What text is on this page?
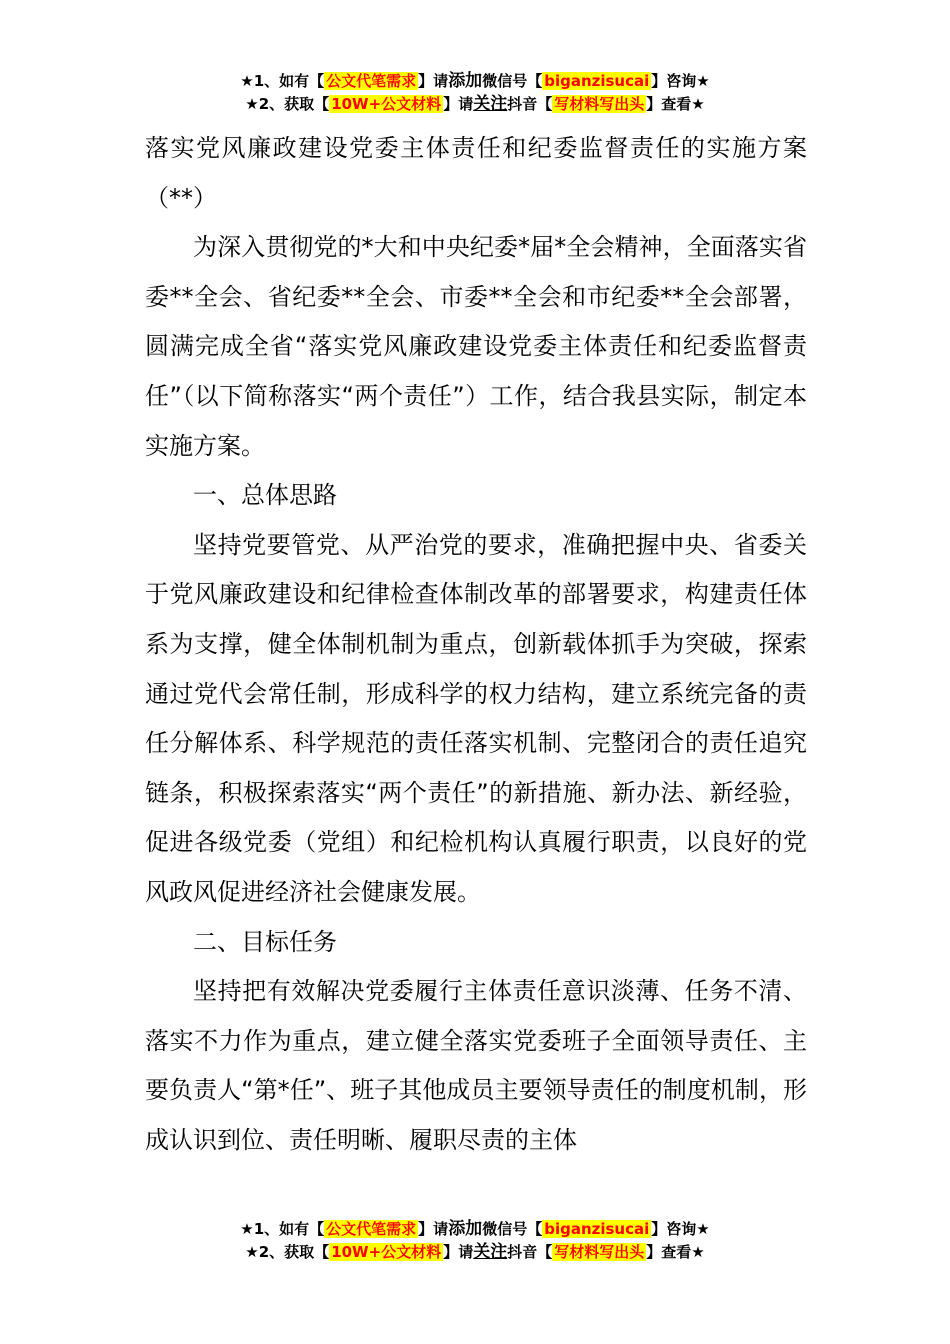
★1、如有【 公文代笔需求 】请添加微信号【 biganzisucai 】咨询★
★2、获取【 10W+公文材料 】请关注抖音【 写材料写出头 】查看★

落实党风廉政建设党委主体责任和纪委监督责任的实施方案（**）

为深入贯彻党的*大和中央纪委*届*全会精神，全面落实省委**全会、省纪委**全会、市委**全会和市纪委**全会部署，圆满完成全省“落实党风廉政建设党委主体责任和纪委监督责任”（以下简称落实“两个责任”）工作，结合我县实际，制定本实施方案。

一、总体思路

坚持党要管党、从严治党的要求，准确把握中央、省委关于党风廉政建设和纪律检查体制改革的部署要求，构建责任体系为支撑，健全体制机制为重点，创新载体抓手为突破，探索通过党代会常任制，形成科学的权力结构，建立系统完备的责任分解体系、科学规范的责任落实机制、完整闭合的责任追究链条，积极探索落实“两个责任”的新措施、新办法、新经验，促进各级党委（党组）和纪检机构认真履行职责，以良好的党风政风促进经济社会健康发展。

二、目标任务

坚持把有效解决党委履行主体责任意识淡薄、任务不清、落实不力作为重点，建立健全落实党委班子全面领导责任、主要负责人“第*任”、班子其他成员主要领导责任的制度机制，形成认识到位、责任明晰、履职尽责的主体

★1、如有【 公文代笔需求 】请添加微信号【 biganzisucai 】咨询★
★2、获取【 10W+公文材料 】请关注抖音【 写材料写出头 】查看★
